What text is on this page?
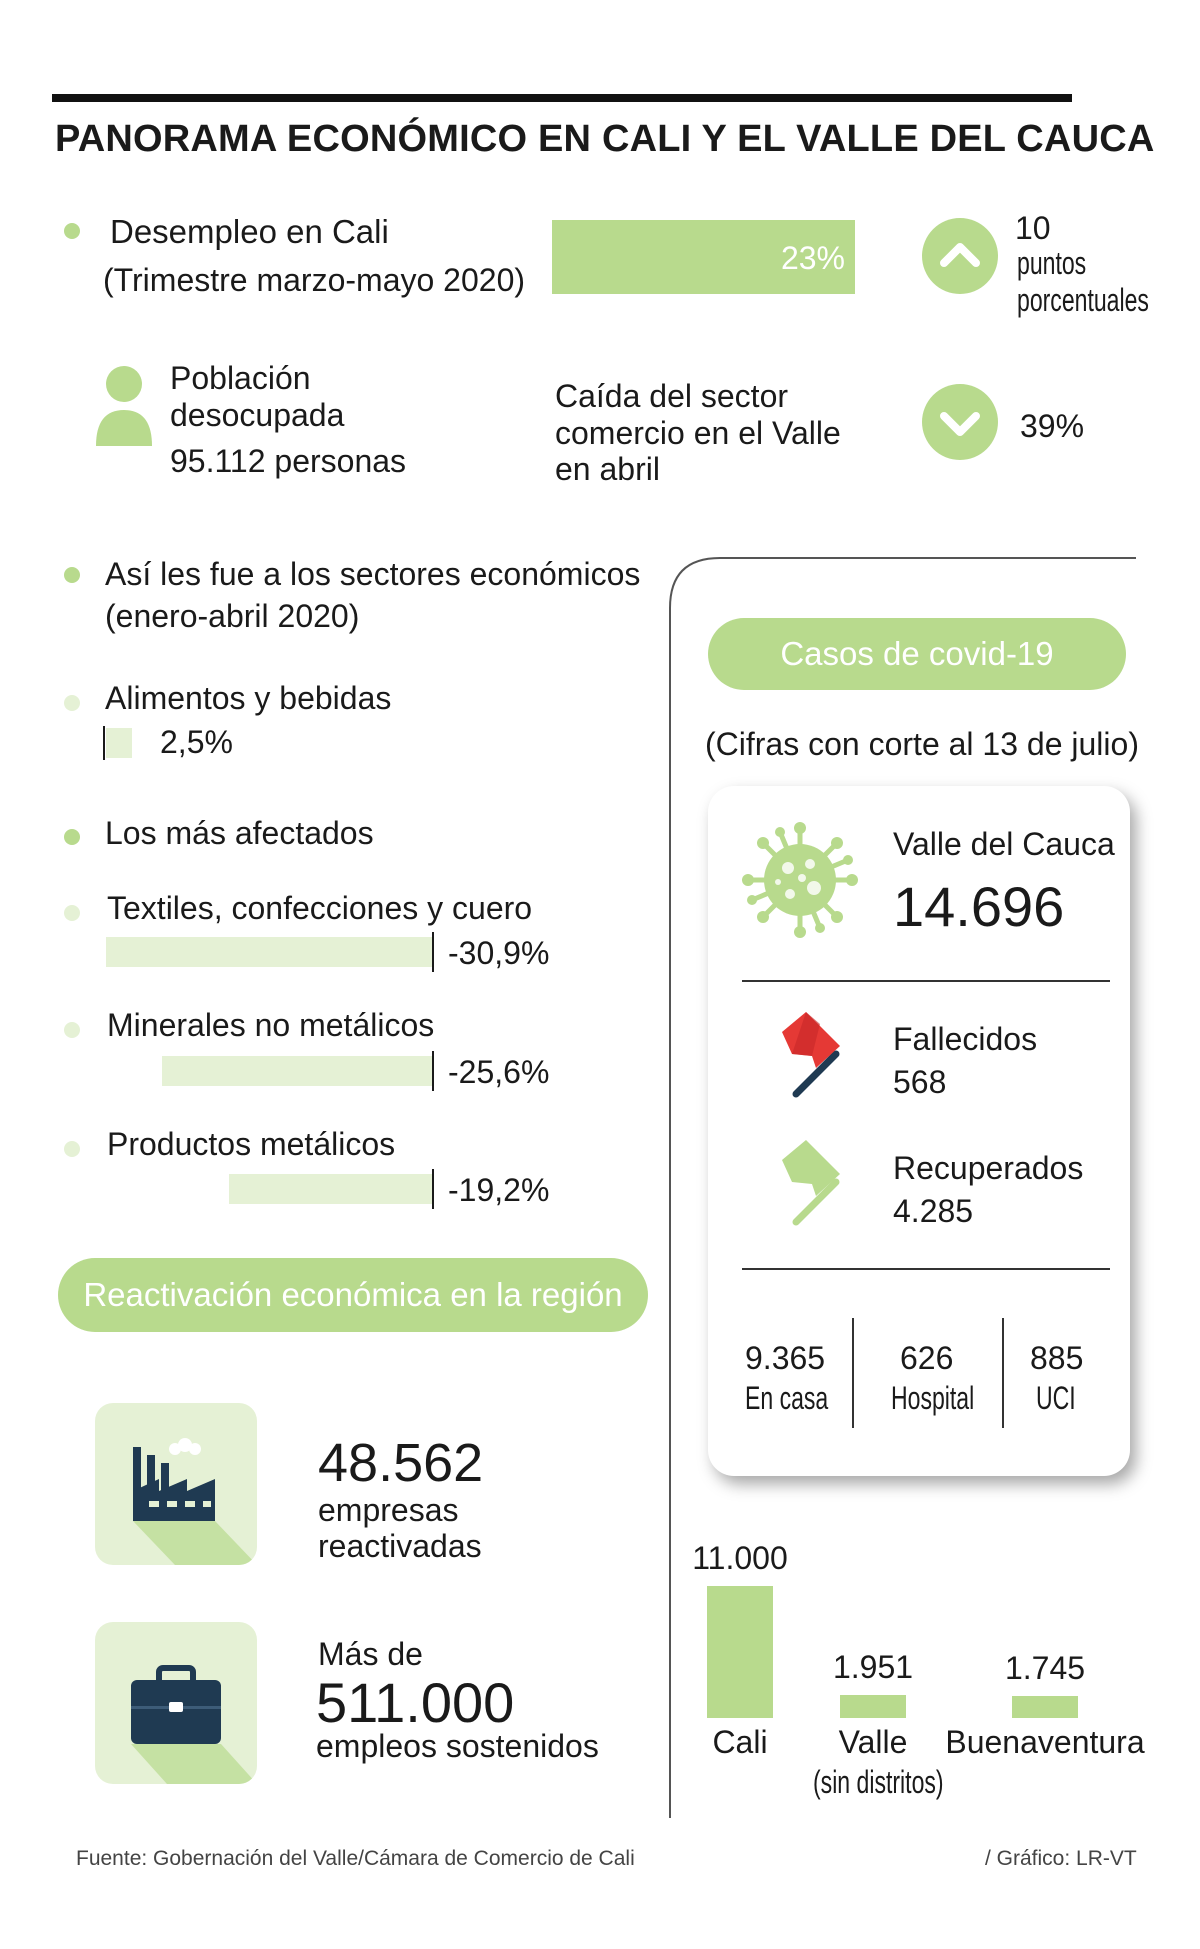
PANORAMA ECONÓMICO EN CALI Y EL VALLE DEL CAUCA
Desempleo en Cali
(Trimestre marzo-mayo 2020)
23%
10
puntos
porcentuales
Población
desocupada
95.112 personas
Caída del sector
comercio en el Valle
en abril
39%
Así les fue a los sectores económicos
(enero-abril 2020)
Alimentos y bebidas
2,5%
Los más afectados
Textiles, confecciones y cuero
-30,9%
Minerales no metálicos
-25,6%
Productos metálicos
-19,2%
Reactivación económica en la región
48.562
empresas
reactivadas
Más de
511.000
empleos sostenidos
Casos de covid-19
(Cifras con corte al 13 de julio)
Valle del Cauca
14.696
Fallecidos
568
Recuperados
4.285
9.365
En casa
626
Hospital
885
UCI
11.000
Cali
1.951
Valle
(sin distritos)
1.745
Buenaventura
Fuente: Gobernación del Valle/Cámara de Comercio de Cali	/ Gráfico: LR-VT
